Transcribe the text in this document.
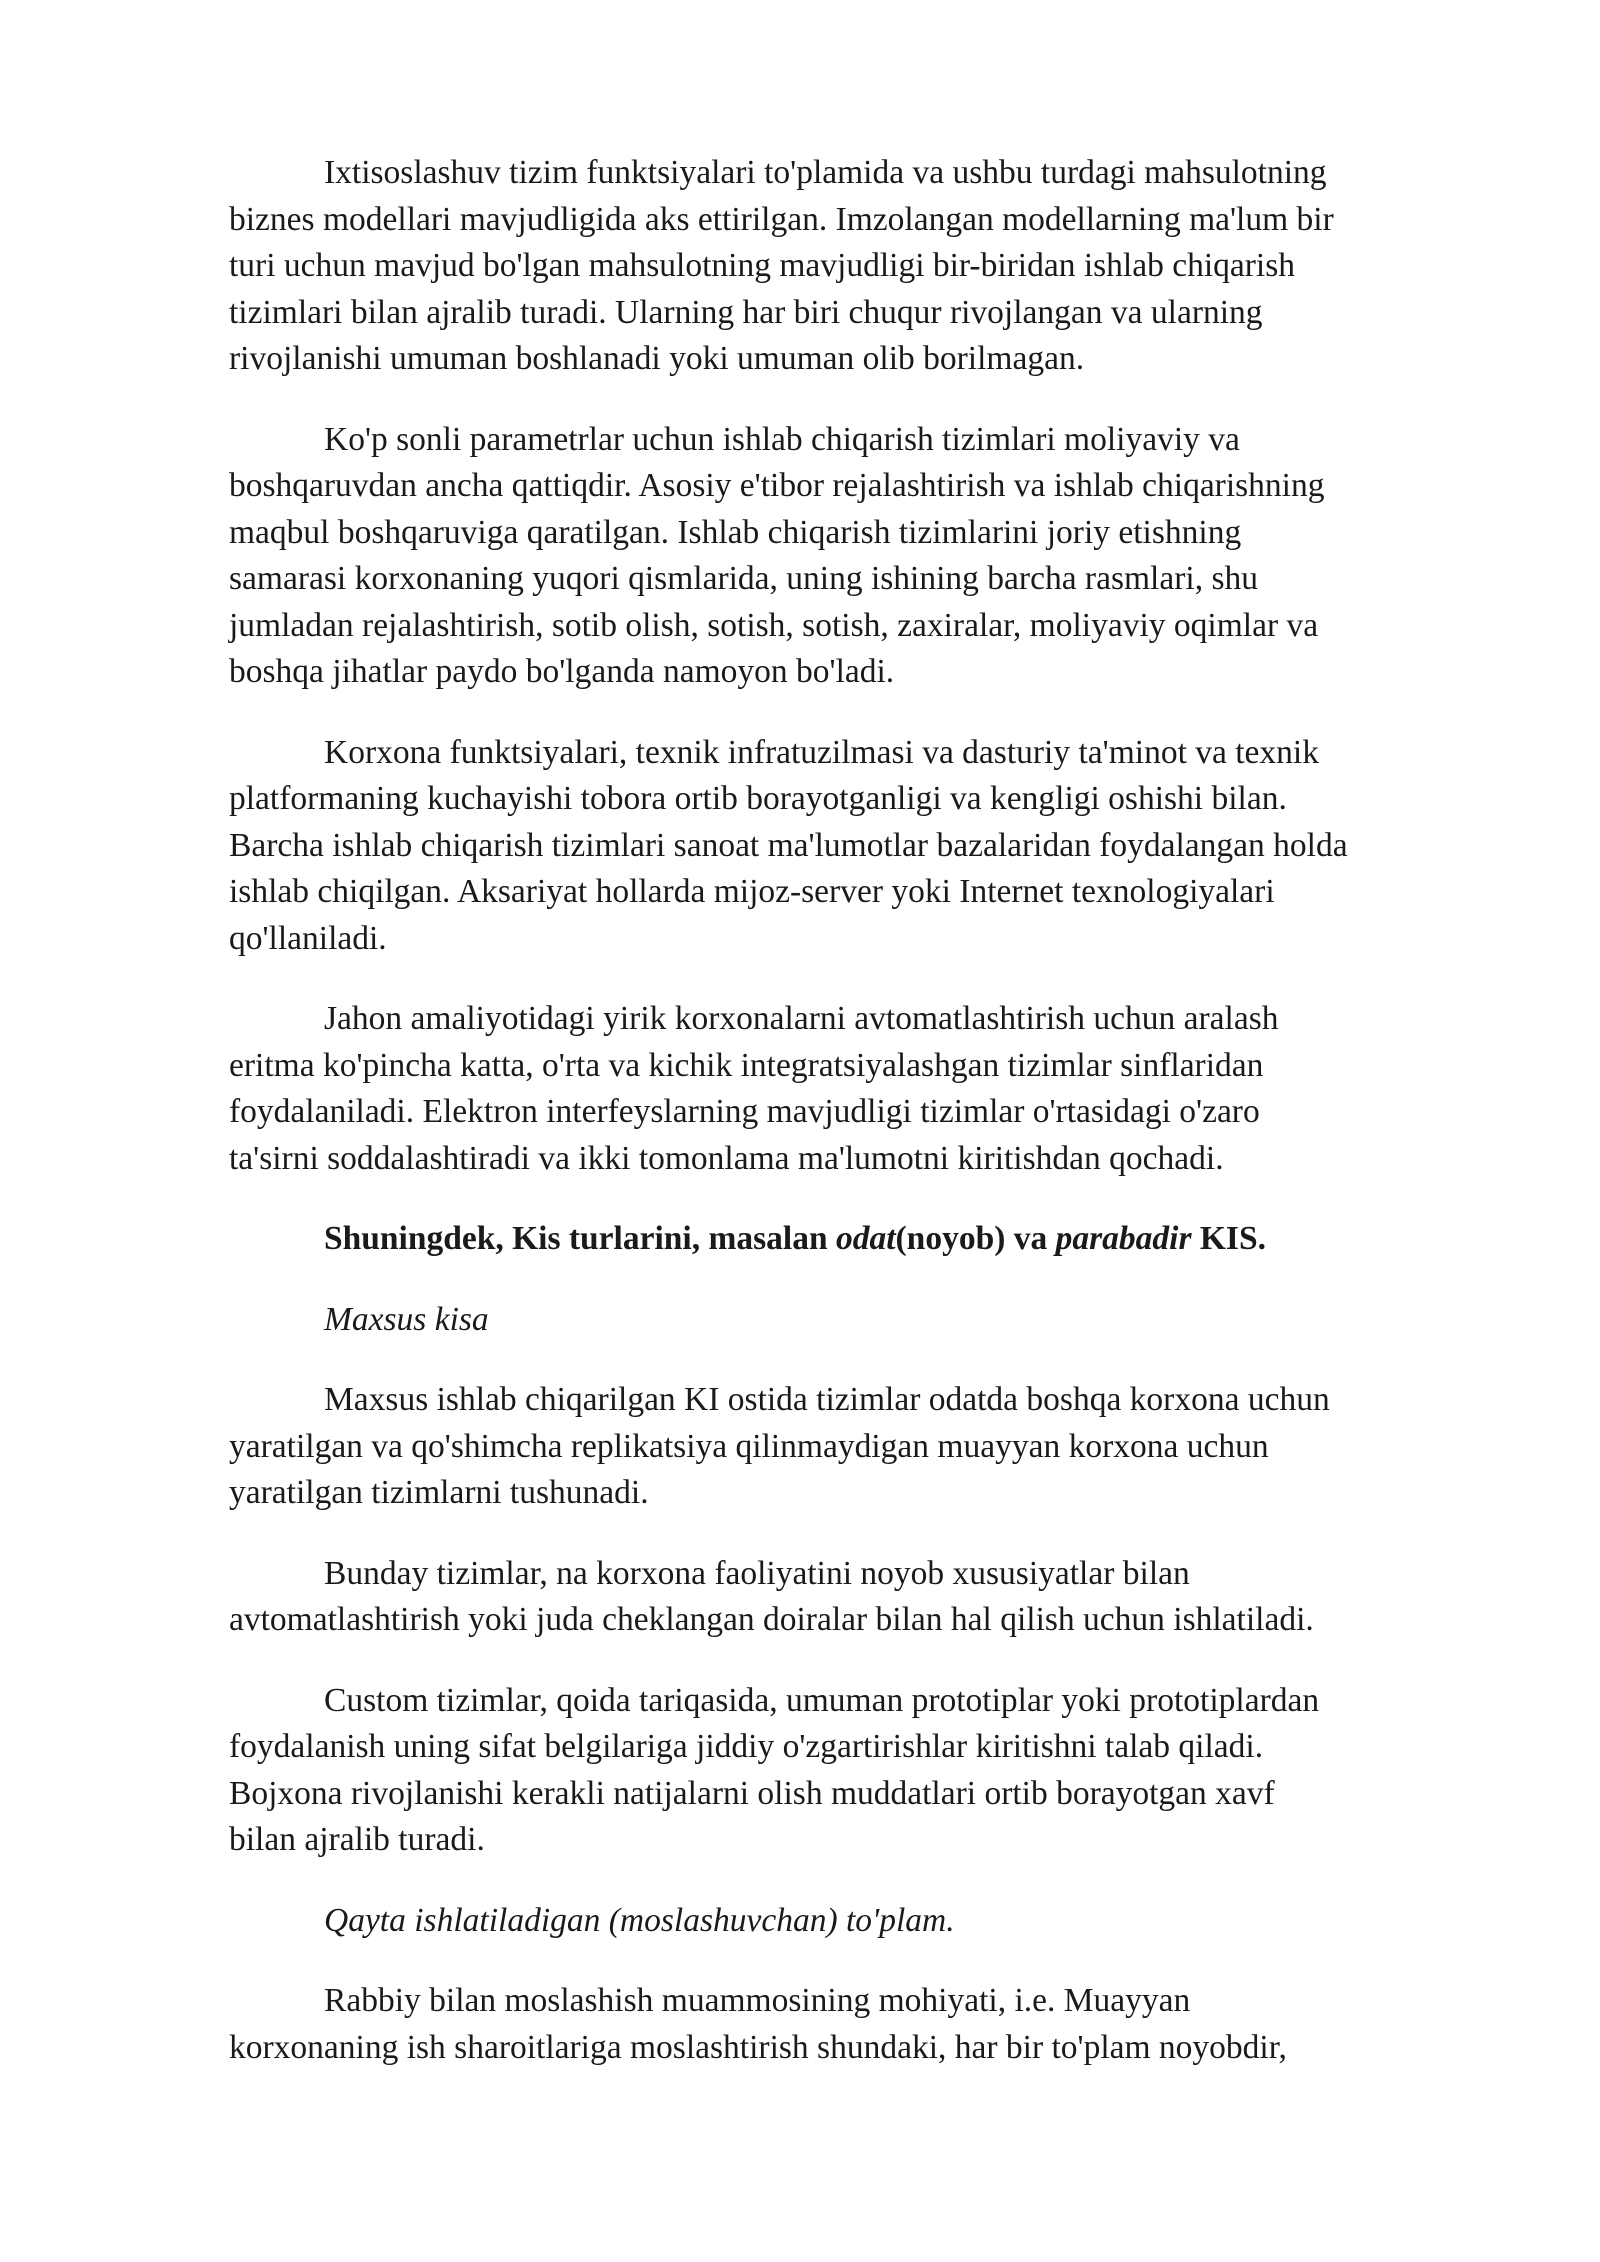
Ixtisoslashuv tizim funktsiyalari to'plamida va ushbu turdagi mahsulotning
biznes modellari mavjudligida aks ettirilgan. Imzolangan modellarning ma'lum bir
turi uchun mavjud bo'lgan mahsulotning mavjudligi bir-biridan ishlab chiqarish
tizimlari bilan ajralib turadi. Ularning har biri chuqur rivojlangan va ularning
rivojlanishi umuman boshlanadi yoki umuman olib borilmagan.

Ko'p sonli parametrlar uchun ishlab chiqarish tizimlari moliyaviy va
boshqaruvdan ancha qattiqdir. Asosiy e'tibor rejalashtirish va ishlab chiqarishning
maqbul boshqaruviga qaratilgan. Ishlab chiqarish tizimlarini joriy etishning
samarasi korxonaning yuqori qismlarida, uning ishining barcha rasmlari, shu
jumladan rejalashtirish, sotib olish, sotish, sotish, zaxiralar, moliyaviy oqimlar va
boshqa jihatlar paydo bo'lganda namoyon bo'ladi.

Korxona funktsiyalari, texnik infratuzilmasi va dasturiy ta'minot va texnik
platformaning kuchayishi tobora ortib borayotganligi va kengligi oshishi bilan.
Barcha ishlab chiqarish tizimlari sanoat ma'lumotlar bazalaridan foydalangan holda
ishlab chiqilgan. Aksariyat hollarda mijoz-server yoki Internet texnologiyalari
qo'llaniladi.

Jahon amaliyotidagi yirik korxonalarni avtomatlashtirish uchun aralash
eritma ko'pincha katta, o'rta va kichik integratsiyalashgan tizimlar sinflaridan
foydalaniladi. Elektron interfeyslarning mavjudligi tizimlar o'rtasidagi o'zaro
ta'sirni soddalashtiradi va ikki tomonlama ma'lumotni kiritishdan qochadi.

Shuningdek, Kis turlarini, masalan odat(noyob) va parabadir KIS.

Maxsus kisa

Maxsus ishlab chiqarilgan KI ostida tizimlar odatda boshqa korxona uchun
yaratilgan va qo'shimcha replikatsiya qilinmaydigan muayyan korxona uchun
yaratilgan tizimlarni tushunadi.

Bunday tizimlar, na korxona faoliyatini noyob xususiyatlar bilan
avtomatlashtirish yoki juda cheklangan doiralar bilan hal qilish uchun ishlatiladi.

Custom tizimlar, qoida tariqasida, umuman prototiplar yoki prototiplardan
foydalanish uning sifat belgilariga jiddiy o'zgartirishlar kiritishni talab qiladi.
Bojxona rivojlanishi kerakli natijalarni olish muddatlari ortib borayotgan xavf
bilan ajralib turadi.

Qayta ishlatiladigan (moslashuvchan) to'plam.

Rabbiy bilan moslashish muammosining mohiyati, i.e. Muayyan
korxonaning ish sharoitlariga moslashtirish shundaki, har bir to'plam noyobdir,
